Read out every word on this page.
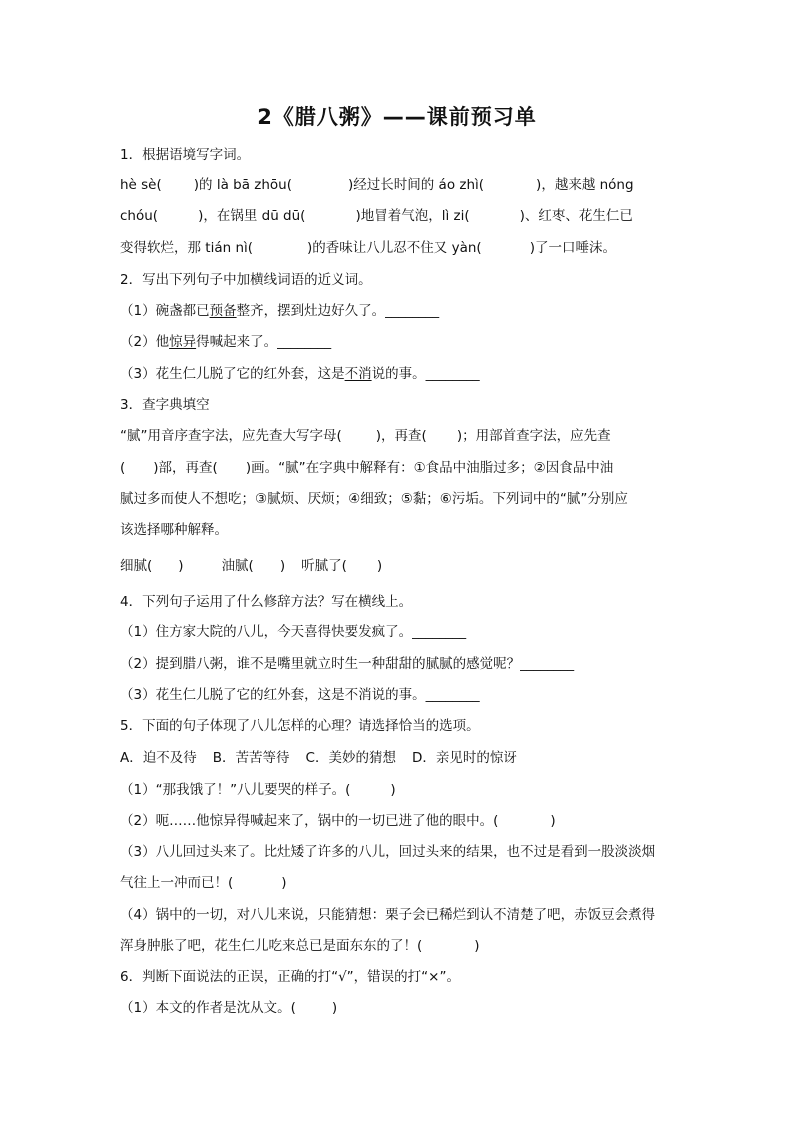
2《腊八粥》——课前预习单
1．根据语境写字词。
hè sè( )的 là bā zhōu(	)经过长时间的 áo zhì(	)，越来越 nóng
chóu(	)，在锅里 dū dū(	)地冒着气泡，lì zi(	)、红枣、花生仁已
变得软烂，那 tián nì(	)的香味让八儿忍不住又 yàn(	)了一口唾沫。
2．写出下列句子中加横线词语的近义词。
（1）碗盏都已预备整齐，摆到灶边好久了。________
（2）他惊异得喊起来了。________
（3）花生仁儿脱了它的红外套，这是不消说的事。________
3．查字典填空
“腻”用音序查字法，应先查大写字母(	)，再查( )；用部首查字法，应先查
( )部，再查( )画。“腻”在字典中解释有：①食品中油脂过多；②因食品中油
腻过多而使人不想吃；③腻烦、厌烦；④细致；⑤黏；⑥污垢。下列词中的“腻”分别应
该选择哪种解释。
细腻( )	油腻( ) 听腻了( )
4．下列句子运用了什么修辞方法？写在横线上。
（1）住方家大院的八儿，今天喜得快要发疯了。________
（2）提到腊八粥，谁不是嘴里就立时生一种甜甜的腻腻的感觉呢？________
（3）花生仁儿脱了它的红外套，这是不消说的事。________
5．下面的句子体现了八儿怎样的心理？请选择恰当的选项。
A．迫不及待 B．苦苦等待 C．美妙的猜想 D．亲见时的惊讶
（1）“那我饿了！”八儿要哭的样子。(	)
（2）呃……他惊异得喊起来了，锅中的一切已进了他的眼中。(	)
（3）八儿回过头来了。比灶矮了许多的八儿，回过头来的结果，也不过是看到一股淡淡烟
气往上一冲而已！(	)
（4）锅中的一切，对八儿来说，只能猜想：栗子会已稀烂到认不清楚了吧，赤饭豆会煮得
浑身肿胀了吧，花生仁儿吃来总已是面东东的了！(	)
6．判断下面说法的正误，正确的打“√”，错误的打“×”。
（1）本文的作者是沈从文。(	)
